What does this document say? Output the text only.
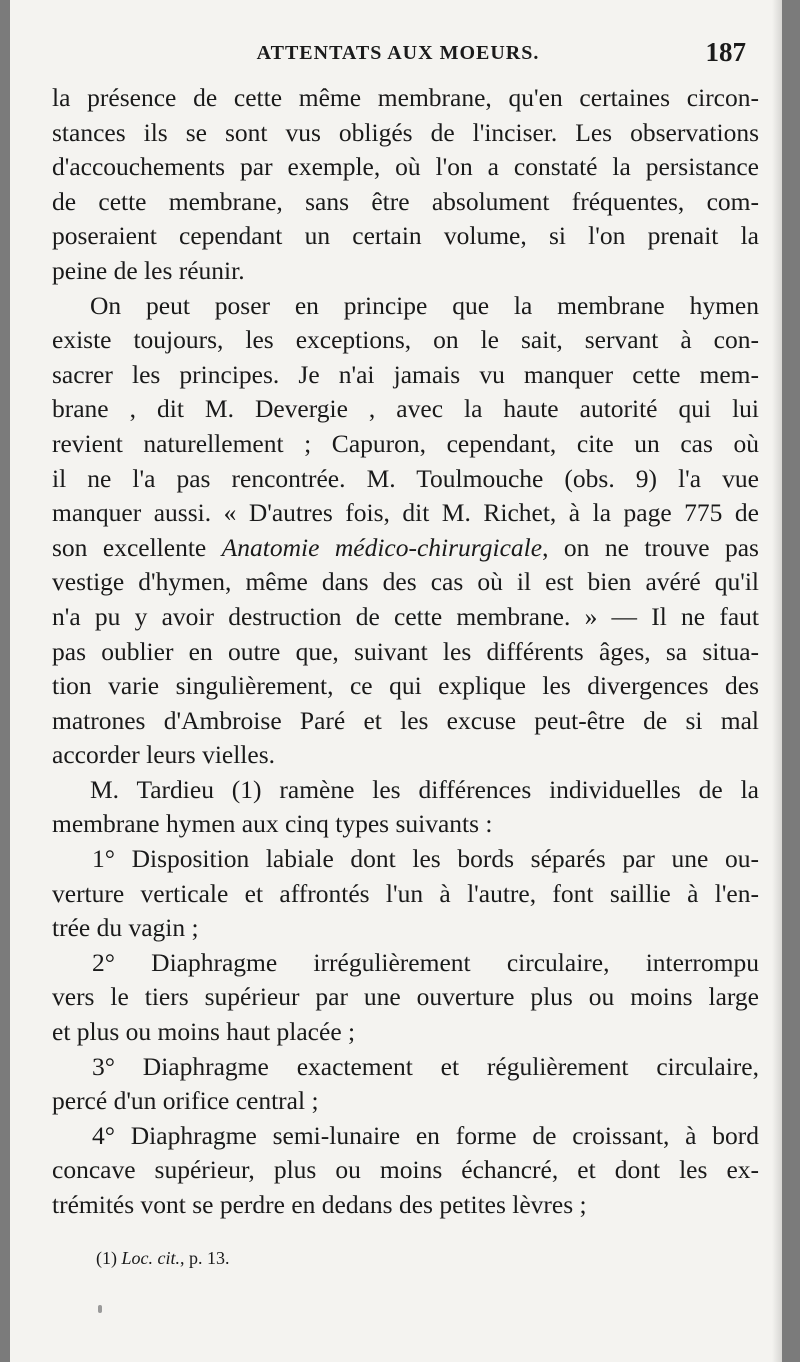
ATTENTATS AUX MOEURS.	187
la présence de cette même membrane, qu'en certaines circon-
stances ils se sont vus obligés de l'inciser. Les observations
d'accouchements par exemple, où l'on a constaté la persistance
de cette membrane, sans être absolument fréquentes, com-
poseraient cependant un certain volume, si l'on prenait la
peine de les réunir.
On peut poser en principe que la membrane hymen
existe toujours, les exceptions, on le sait, servant à con-
sacrer les principes. Je n'ai jamais vu manquer cette mem-
brane , dit M. Devergie , avec la haute autorité qui lui
revient naturellement ; Capuron, cependant, cite un cas où
il ne l'a pas rencontrée. M. Toulmouche (obs. 9) l'a vue
manquer aussi. « D'autres fois, dit M. Richet, à la page 775 de
son excellente Anatomie médico-chirurgicale, on ne trouve pas
vestige d'hymen, même dans des cas où il est bien avéré qu'il
n'a pu y avoir destruction de cette membrane. » — Il ne faut
pas oublier en outre que, suivant les différents âges, sa situa-
tion varie singulièrement, ce qui explique les divergences des
matrones d'Ambroise Paré et les excuse peut-être de si mal
accorder leurs vielles.
M. Tardieu (1) ramène les différences individuelles de la
membrane hymen aux cinq types suivants :
1° Disposition labiale dont les bords séparés par une ou-
verture verticale et affrontés l'un à l'autre, font saillie à l'en-
trée du vagin ;
2° Diaphragme irrégulièrement circulaire, interrompu
vers le tiers supérieur par une ouverture plus ou moins large
et plus ou moins haut placée ;
3° Diaphragme exactement et régulièrement circulaire,
percé d'un orifice central ;
4° Diaphragme semi-lunaire en forme de croissant, à bord
concave supérieur, plus ou moins échancré, et dont les ex-
trémités vont se perdre en dedans des petites lèvres ;
(1) Loc. cit., p. 13.
